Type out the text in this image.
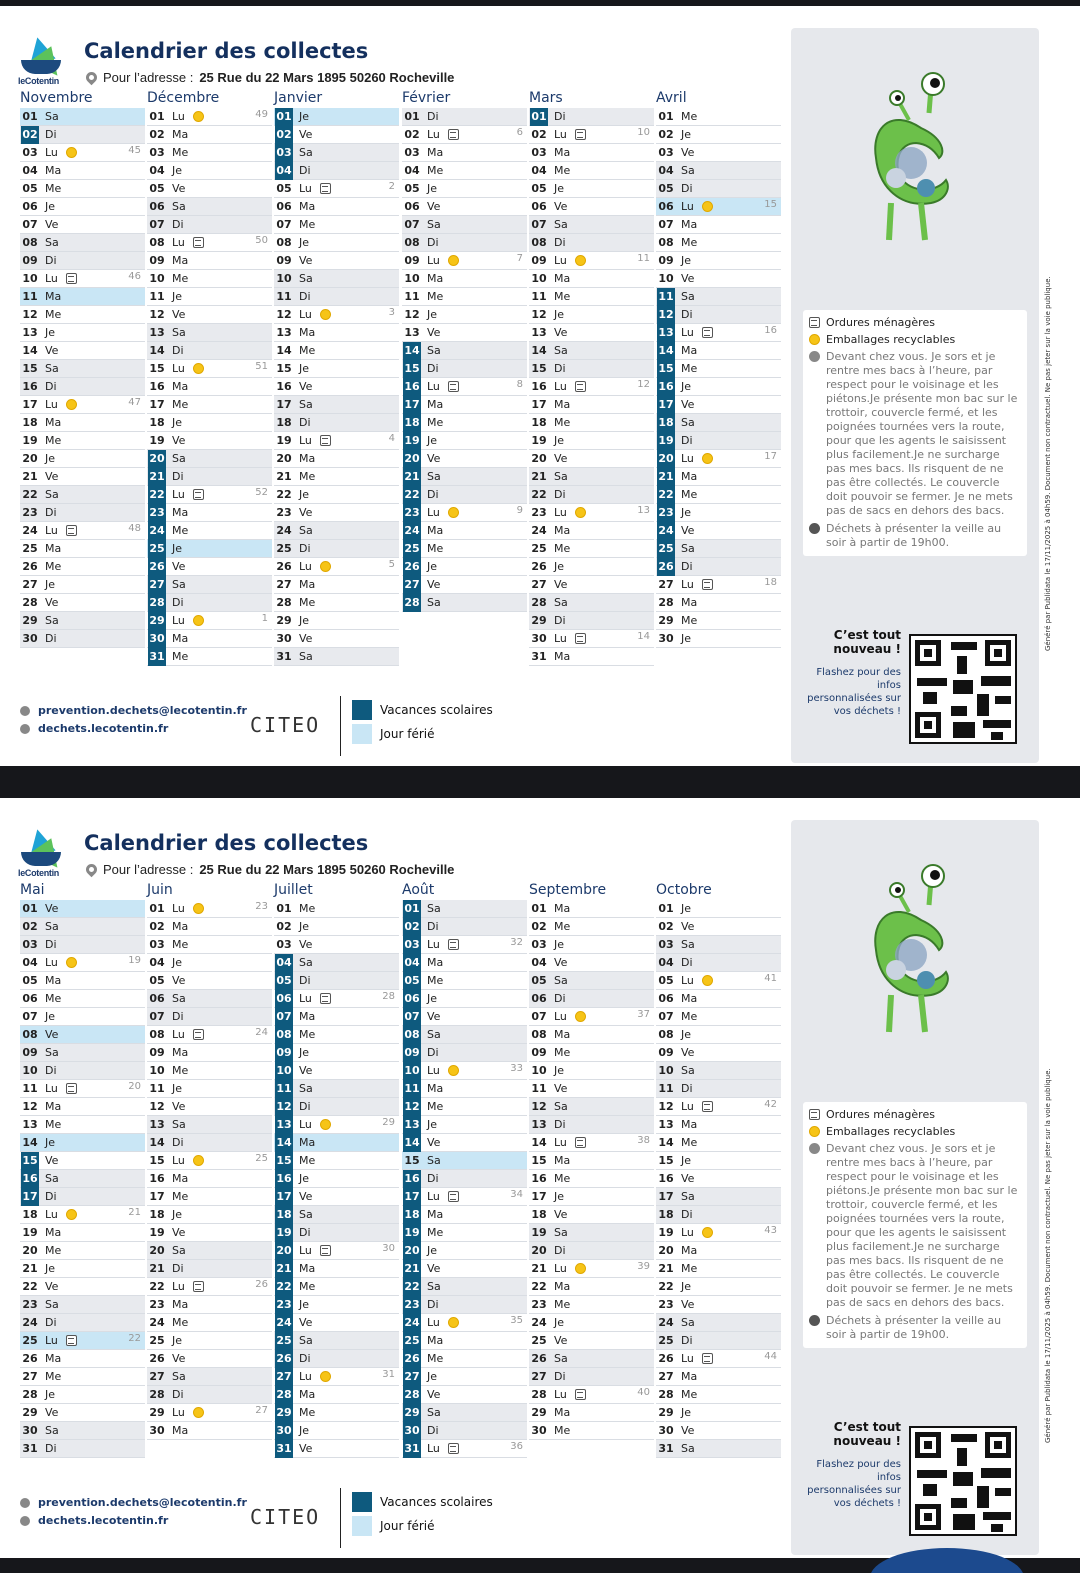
leCotentin
Calendrier des collectes
Pour l’adresse : 25 Rue du 22 Mars 1895 50260 Rocheville
Ordures ménagères
Emballages recyclables
Devant chez vous. Je sors et je rentre mes bacs à l’heure, par respect pour le voisinage et les piétons.Je présente mon bac sur le trottoir, couvercle fermé, et les poignées tournées vers la route, pour que les agents le saisissent plus facilement.Je ne surcharge pas mes bacs. Ils risquent de ne pas être collectés. Le couvercle doit pouvoir se fermer. Je ne mets pas de sacs en dehors des bacs.
Déchets à présenter la veille au soir à partir de 19h00.
C’est tout nouveau !
Flashez pour des infos personnalisées sur vos déchets !
Généré par Publidata le 17/11/2025 à 04h59. Document non contractuel. Ne pas jeter sur la voie publique.
prevention.dechets@lecotentin.fr
dechets.lecotentin.fr	CITEO
Vacances scolaires
Jour férié
Novembre
01 Sa
02 Di
03 Lu	45
04 Ma
05 Me
06 Je
07 Ve
08 Sa
09 Di
10 Lu	46
11 Ma
12 Me
13 Je
14 Ve
15 Sa
16 Di
17 Lu	47
18 Ma
19 Me
20 Je
21 Ve
22 Sa
23 Di
24 Lu	48
25 Ma
26 Me
27 Je
28 Ve
29 Sa
30 Di
Décembre
01 Lu	49
02 Ma
03 Me
04 Je
05 Ve
06 Sa
07 Di
08 Lu	50
09 Ma
10 Me
11 Je
12 Ve
13 Sa
14 Di
15 Lu	51
16 Ma
17 Me
18 Je
19 Ve
20 Sa
21 Di
22 Lu	52
23 Ma
24 Me
25 Je
26 Ve
27 Sa
28 Di
29 Lu	1
30 Ma
31 Me
Janvier
01 Je
02 Ve
03 Sa
04 Di
05 Lu	2
06 Ma
07 Me
08 Je
09 Ve
10 Sa
11 Di
12 Lu	3
13 Ma
14 Me
15 Je
16 Ve
17 Sa
18 Di
19 Lu	4
20 Ma
21 Me
22 Je
23 Ve
24 Sa
25 Di
26 Lu	5
27 Ma
28 Me
29 Je
30 Ve
31 Sa
Février
01 Di
02 Lu	6
03 Ma
04 Me
05 Je
06 Ve
07 Sa
08 Di
09 Lu	7
10 Ma
11 Me
12 Je
13 Ve
14 Sa
15 Di
16 Lu	8
17 Ma
18 Me
19 Je
20 Ve
21 Sa
22 Di
23 Lu	9
24 Ma
25 Me
26 Je
27 Ve
28 Sa
Mars
01 Di
02 Lu	10
03 Ma
04 Me
05 Je
06 Ve
07 Sa
08 Di
09 Lu	11
10 Ma
11 Me
12 Je
13 Ve
14 Sa
15 Di
16 Lu	12
17 Ma
18 Me
19 Je
20 Ve
21 Sa
22 Di
23 Lu	13
24 Ma
25 Me
26 Je
27 Ve
28 Sa
29 Di
30 Lu	14
31 Ma
Avril
01 Me
02 Je
03 Ve
04 Sa
05 Di
06 Lu	15
07 Ma
08 Me
09 Je
10 Ve
11 Sa
12 Di
13 Lu	16
14 Ma
15 Me
16 Je
17 Ve
18 Sa
19 Di
20 Lu	17
21 Ma
22 Me
23 Je
24 Ve
25 Sa
26 Di
27 Lu	18
28 Ma
29 Me
30 Je
leCotentin
Calendrier des collectes
Pour l’adresse : 25 Rue du 22 Mars 1895 50260 Rocheville
Ordures ménagères
Emballages recyclables
Devant chez vous. Je sors et je rentre mes bacs à l’heure, par respect pour le voisinage et les piétons.Je présente mon bac sur le trottoir, couvercle fermé, et les poignées tournées vers la route, pour que les agents le saisissent plus facilement.Je ne surcharge pas mes bacs. Ils risquent de ne pas être collectés. Le couvercle doit pouvoir se fermer. Je ne mets pas de sacs en dehors des bacs.
Déchets à présenter la veille au soir à partir de 19h00.
C’est tout nouveau !
Flashez pour des infos personnalisées sur vos déchets !
Généré par Publidata le 17/11/2025 à 04h59. Document non contractuel. Ne pas jeter sur la voie publique.
prevention.dechets@lecotentin.fr
dechets.lecotentin.fr	CITEO
Vacances scolaires
Jour férié
Mai
01 Ve
02 Sa
03 Di
04 Lu	19
05 Ma
06 Me
07 Je
08 Ve
09 Sa
10 Di
11 Lu	20
12 Ma
13 Me
14 Je
15 Ve
16 Sa
17 Di
18 Lu	21
19 Ma
20 Me
21 Je
22 Ve
23 Sa
24 Di
25 Lu	22
26 Ma
27 Me
28 Je
29 Ve
30 Sa
31 Di
Juin
01 Lu	23
02 Ma
03 Me
04 Je
05 Ve
06 Sa
07 Di
08 Lu	24
09 Ma
10 Me
11 Je
12 Ve
13 Sa
14 Di
15 Lu	25
16 Ma
17 Me
18 Je
19 Ve
20 Sa
21 Di
22 Lu	26
23 Ma
24 Me
25 Je
26 Ve
27 Sa
28 Di
29 Lu	27
30 Ma
Juillet
01 Me
02 Je
03 Ve
04 Sa
05 Di
06 Lu	28
07 Ma
08 Me
09 Je
10 Ve
11 Sa
12 Di
13 Lu	29
14 Ma
15 Me
16 Je
17 Ve
18 Sa
19 Di
20 Lu	30
21 Ma
22 Me
23 Je
24 Ve
25 Sa
26 Di
27 Lu	31
28 Ma
29 Me
30 Je
31 Ve
Août
01 Sa
02 Di
03 Lu	32
04 Ma
05 Me
06 Je
07 Ve
08 Sa
09 Di
10 Lu	33
11 Ma
12 Me
13 Je
14 Ve
15 Sa
16 Di
17 Lu	34
18 Ma
19 Me
20 Je
21 Ve
22 Sa
23 Di
24 Lu	35
25 Ma
26 Me
27 Je
28 Ve
29 Sa
30 Di
31 Lu	36
Septembre
01 Ma
02 Me
03 Je
04 Ve
05 Sa
06 Di
07 Lu	37
08 Ma
09 Me
10 Je
11 Ve
12 Sa
13 Di
14 Lu	38
15 Ma
16 Me
17 Je
18 Ve
19 Sa
20 Di
21 Lu	39
22 Ma
23 Me
24 Je
25 Ve
26 Sa
27 Di
28 Lu	40
29 Ma
30 Me
Octobre
01 Je
02 Ve
03 Sa
04 Di
05 Lu	41
06 Ma
07 Me
08 Je
09 Ve
10 Sa
11 Di
12 Lu	42
13 Ma
14 Me
15 Je
16 Ve
17 Sa
18 Di
19 Lu	43
20 Ma
21 Me
22 Je
23 Ve
24 Sa
25 Di
26 Lu	44
27 Ma
28 Me
29 Je
30 Ve
31 Sa
